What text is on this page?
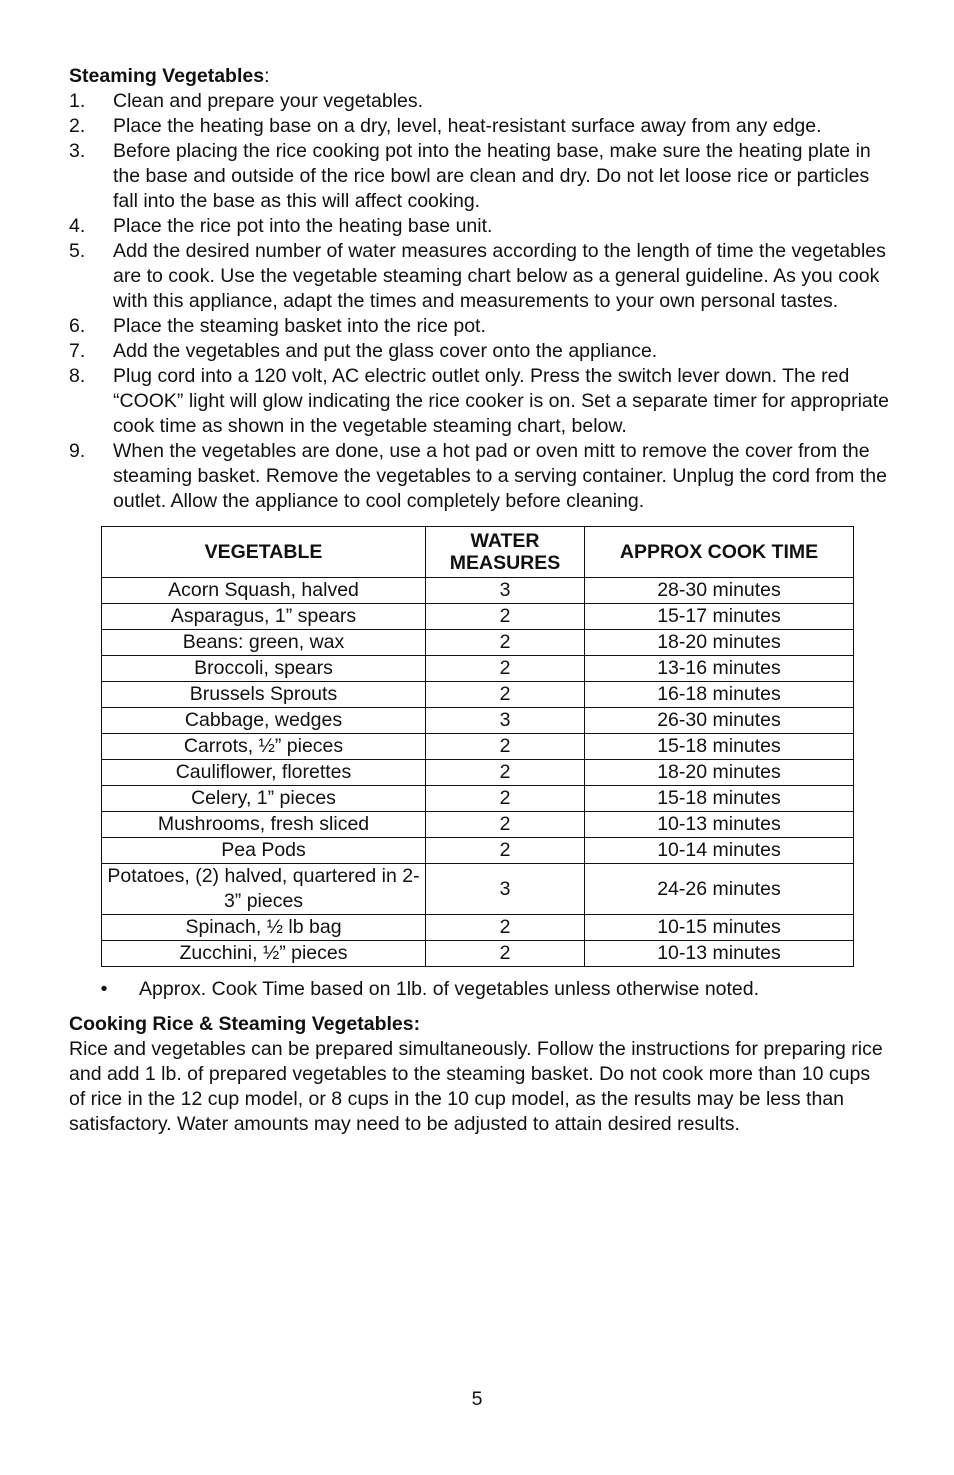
Steaming Vegetables:
1.	Clean and prepare your vegetables.
2.	Place the heating base on a dry, level, heat-resistant surface away from any edge.
3.	Before placing the rice cooking pot into the heating base, make sure the heating plate in the base and outside of the rice bowl are clean and dry. Do not let loose rice or particles fall into the base as this will affect cooking.
4.	Place the rice pot into the heating base unit.
5.	Add the desired number of water measures according to the length of time the vegetables are to cook. Use the vegetable steaming chart below as a general guideline. As you cook with this appliance, adapt the times and measurements to your own personal tastes.
6.	Place the steaming basket into the rice pot.
7.	Add the vegetables and put the glass cover onto the appliance.
8.	Plug cord into a 120 volt, AC electric outlet only. Press the switch lever down. The red “COOK” light will glow indicating the rice cooker is on. Set a separate timer for appropriate cook time as shown in the vegetable steaming chart, below.
9.	When the vegetables are done, use a hot pad or oven mitt to remove the cover from the steaming basket. Remove the vegetables to a serving container. Unplug the cord from the outlet. Allow the appliance to cool completely before cleaning.
VEGETABLE	WATER MEASURES	APPROX COOK TIME
Acorn Squash, halved	3	28-30 minutes
Asparagus, 1” spears	2	15-17 minutes
Beans: green, wax	2	18-20 minutes
Broccoli, spears	2	13-16 minutes
Brussels Sprouts	2	16-18 minutes
Cabbage, wedges	3	26-30 minutes
Carrots, ½” pieces	2	15-18 minutes
Cauliflower, florettes	2	18-20 minutes
Celery, 1” pieces	2	15-18 minutes
Mushrooms, fresh sliced	2	10-13 minutes
Pea Pods	2	10-14 minutes
Potatoes, (2) halved, quartered in 2-3” pieces	3	24-26 minutes
Spinach, ½ lb bag	2	10-15 minutes
Zucchini, ½” pieces	2	10-13 minutes
•	Approx. Cook Time based on 1lb. of vegetables unless otherwise noted.
Cooking Rice & Steaming Vegetables:
Rice and vegetables can be prepared simultaneously. Follow the instructions for preparing rice and add 1 lb. of prepared vegetables to the steaming basket. Do not cook more than 10 cups of rice in the 12 cup model, or 8 cups in the 10 cup model, as the results may be less than satisfactory. Water amounts may need to be adjusted to attain desired results.
5
